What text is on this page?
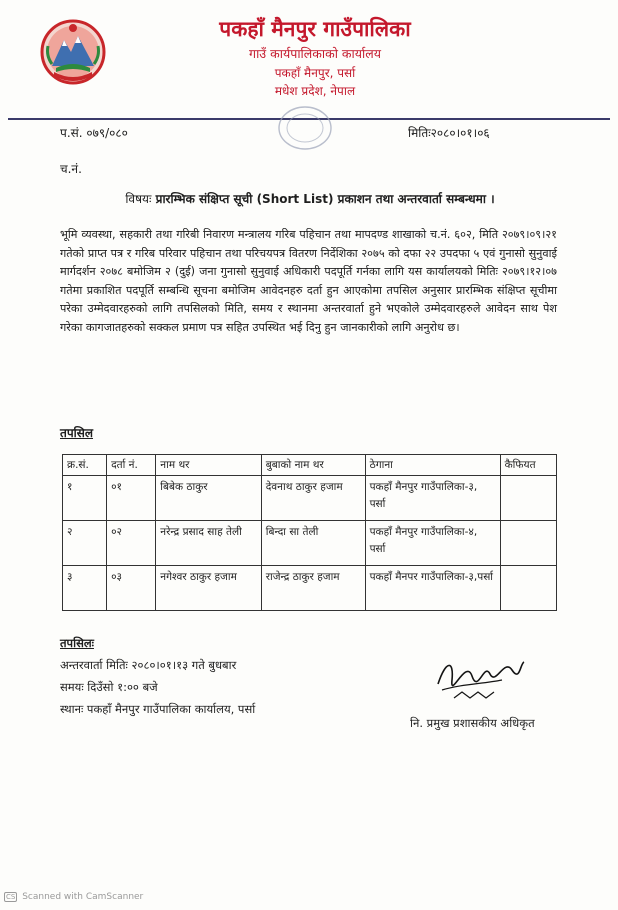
पकहाँ मैनपुर गाउँपालिका
गाउँ कार्यपालिकाको कार्यालय
पकहाँ मैनपुर, पर्सा
मधेश प्रदेश, नेपाल
प.सं. ०७९/०८०	मितिः२०८०।०१।०६
च.नं.
विषयः प्रारम्भिक संक्षिप्त सूची (Short List) प्रकाशन तथा अन्तरवार्ता सम्बन्धमा ।

भूमि व्यवस्था, सहकारी तथा गरिबी निवारण मन्त्रालय गरिब पहिचान तथा मापदण्ड शाखाको च.नं. ६०२, मिति २०७९।०९।२१ गतेको प्राप्त पत्र र गरिब परिवार पहिचान तथा परिचयपत्र वितरण निर्देशिका २०७५ को दफा २२ उपदफा ५ एवं गुनासो सुनुवाई मार्गदर्शन २०७८ बमोजिम २ (दुई) जना गुनासो सुनुवाई अधिकारी पदपूर्ति गर्नका लागि यस कार्यालयको मितिः २०७९।१२।०७ गतेमा प्रकाशित पदपूर्ति सम्बन्धि सूचना बमोजिम आवेदनहरु दर्ता हुन आएकोमा तपसिल अनुसार प्रारम्भिक संक्षिप्त सूचीमा परेका उम्मेदवारहरुको लागि तपसिलको मिति, समय र स्थानमा अन्तरवार्ता हुने भएकोले उम्मेदवारहरुले आवेदन साथ पेश गरेका कागजातहरुको सक्कल प्रमाण पत्र सहित उपस्थित भई दिनु हुन जानकारीको लागि अनुरोध छ।

तपसिल
क्र.सं.	दर्ता नं.	नाम थर	बुबाको नाम थर	ठेगाना	कैफियत
१	०१	बिबेक ठाकुर	देवनाथ ठाकुर हजाम	पकहाँ मैनपुर गाउँपालिका-३, पर्सा	
२	०२	नरेन्द्र प्रसाद साह तेली	बिन्दा सा तेली	पकहाँ मैनपुर गाउँपालिका-४, पर्सा	
३	०३	नगेश्वर ठाकुर हजाम	राजेन्द्र ठाकुर हजाम	पकहाँ मैनपर गाउँपालिका-३,पर्सा	
तपसिलः
अन्तरवार्ता मितिः २०८०।०१।१३ गते बुधबार
समयः दिउँसो १:०० बजे
स्थानः पकहाँ मैनपुर गाउँपालिका कार्यालय, पर्सा
नि. प्रमुख प्रशासकीय अधिकृत
CS Scanned with CamScanner
